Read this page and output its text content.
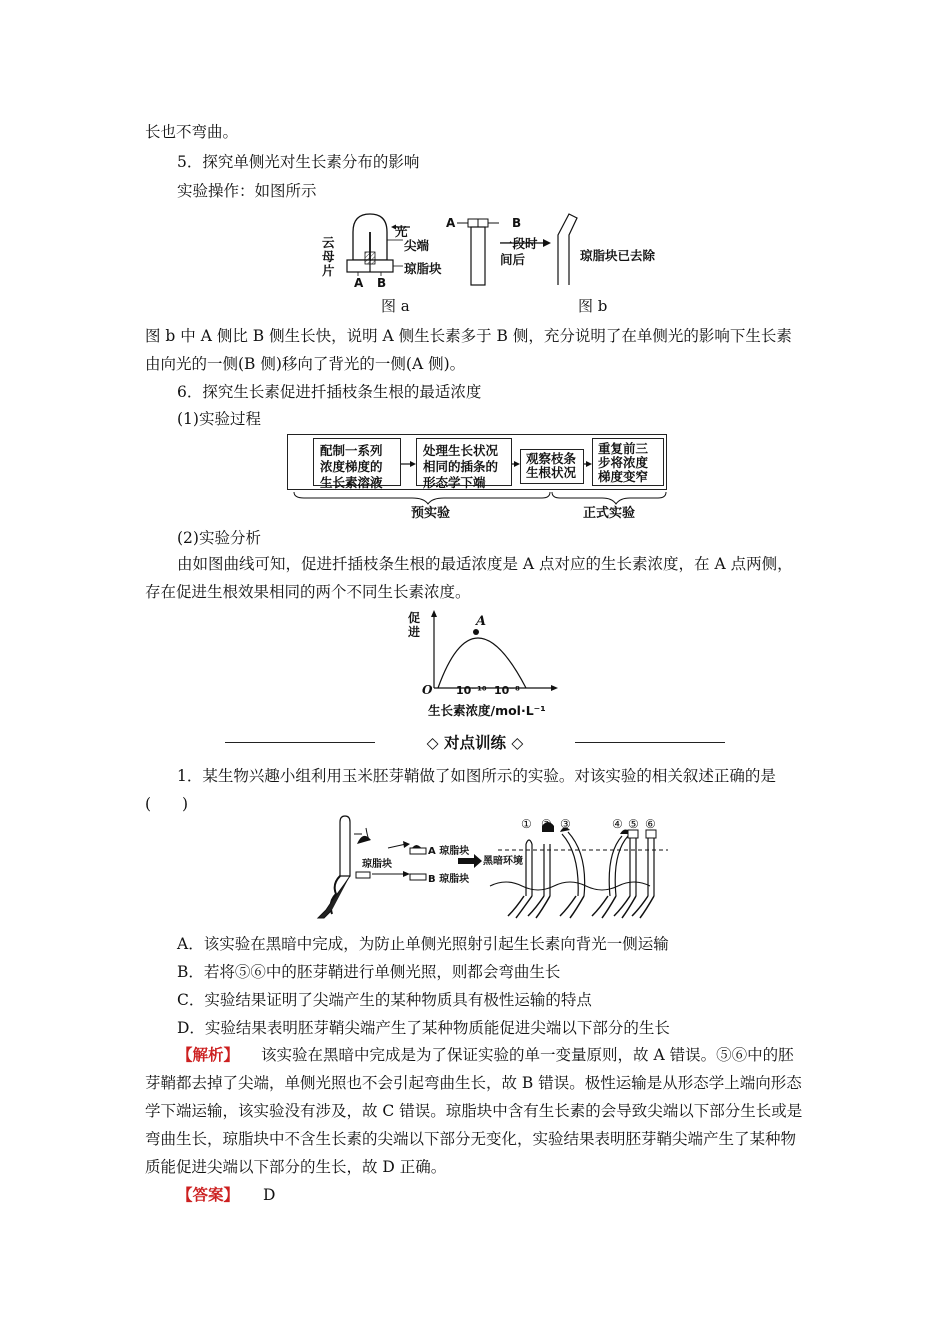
长也不弯曲。
5．探究单侧光对生长素分布的影响
实验操作：如图所示
光
尖端
云母片	琼脂块
A B
A	B
一段时间后	琼脂块已去除
图 a	图 b
图 b 中 A 侧比 B 侧生长快，说明 A 侧生长素多于 B 侧，充分说明了在单侧光的影响下生长素由向光的一侧(B 侧)移向了背光的一侧(A 侧)。
6．探究生长素促进扦插枝条生根的最适浓度
(1)实验过程
配制一系列浓度梯度的生长素溶液
处理生长状况相同的插条的形态学下端
观察枝条生根状况
重复前三步将浓度梯度变窄
预实验	正式实验
(2)实验分析
由如图曲线可知，促进扦插枝条生根的最适浓度是 A 点对应的生长素浓度，在 A 点两侧，存在促进生根效果相同的两个不同生长素浓度。
促进
A
O 10⁻¹⁰ 10⁻⁸
生长素浓度/mol·L⁻¹
◇ 对点训练 ◇
1．某生物兴趣小组利用玉米胚芽鞘做了如图所示的实验。对该实验的相关叙述正确的是(　　)
琼脂块
A 琼脂块
B 琼脂块
黑暗环境
① ② ③	④ ⑤ ⑥
A．该实验在黑暗中完成，为防止单侧光照射引起生长素向背光一侧运输
B．若将⑤⑥中的胚芽鞘进行单侧光照，则都会弯曲生长
C．实验结果证明了尖端产生的某种物质具有极性运输的特点
D．实验结果表明胚芽鞘尖端产生了某种物质能促进尖端以下部分的生长
【解析】 该实验在黑暗中完成是为了保证实验的单一变量原则，故 A 错误。⑤⑥中的胚芽鞘都去掉了尖端，单侧光照也不会引起弯曲生长，故 B 错误。极性运输是从形态学上端向形态学下端运输，该实验没有涉及，故 C 错误。琼脂块中含有生长素的会导致尖端以下部分生长或是弯曲生长，琼脂块中不含生长素的尖端以下部分无变化，实验结果表明胚芽鞘尖端产生了某种物质能促进尖端以下部分的生长，故 D 正确。
【答案】 D
